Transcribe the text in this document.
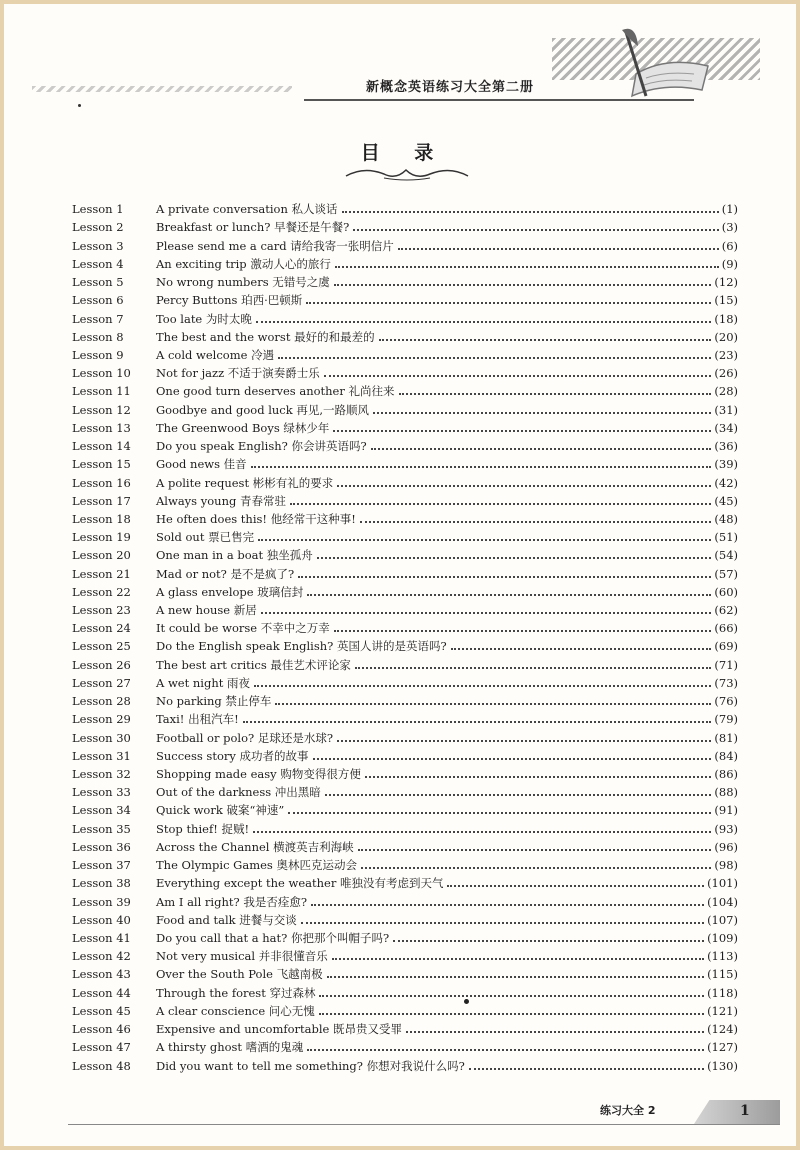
新概念英语练习大全第二册
目 录
Lesson 1	A private conversation 私人谈话	(1)
Lesson 2	Breakfast or lunch? 早餐还是午餐?	(3)
Lesson 3	Please send me a card 请给我寄一张明信片	(6)
Lesson 4	An exciting trip 激动人心的旅行	(9)
Lesson 5	No wrong numbers 无错号之虞	(12)
Lesson 6	Percy Buttons 珀西·巴顿斯	(15)
Lesson 7	Too late 为时太晚	(18)
Lesson 8	The best and the worst 最好的和最差的	(20)
Lesson 9	A cold welcome 冷遇	(23)
Lesson 10	Not for jazz 不适于演奏爵士乐	(26)
Lesson 11	One good turn deserves another 礼尚往来	(28)
Lesson 12	Goodbye and good luck 再见,一路顺风	(31)
Lesson 13	The Greenwood Boys 绿林少年	(34)
Lesson 14	Do you speak English? 你会讲英语吗?	(36)
Lesson 15	Good news 佳音	(39)
Lesson 16	A polite request 彬彬有礼的要求	(42)
Lesson 17	Always young 青春常驻	(45)
Lesson 18	He often does this! 他经常干这种事!	(48)
Lesson 19	Sold out 票已售完	(51)
Lesson 20	One man in a boat 独坐孤舟	(54)
Lesson 21	Mad or not? 是不是疯了?	(57)
Lesson 22	A glass envelope 玻璃信封	(60)
Lesson 23	A new house 新居	(62)
Lesson 24	It could be worse 不幸中之万幸	(66)
Lesson 25	Do the English speak English? 英国人讲的是英语吗?	(69)
Lesson 26	The best art critics 最佳艺术评论家	(71)
Lesson 27	A wet night 雨夜	(73)
Lesson 28	No parking 禁止停车	(76)
Lesson 29	Taxi! 出租汽车!	(79)
Lesson 30	Football or polo? 足球还是水球?	(81)
Lesson 31	Success story 成功者的故事	(84)
Lesson 32	Shopping made easy 购物变得很方便	(86)
Lesson 33	Out of the darkness 冲出黑暗	(88)
Lesson 34	Quick work 破案“神速”	(91)
Lesson 35	Stop thief! 捉贼!	(93)
Lesson 36	Across the Channel 横渡英吉利海峡	(96)
Lesson 37	The Olympic Games 奥林匹克运动会	(98)
Lesson 38	Everything except the weather 唯独没有考虑到天气	(101)
Lesson 39	Am I all right? 我是否痊愈?	(104)
Lesson 40	Food and talk 进餐与交谈	(107)
Lesson 41	Do you call that a hat? 你把那个叫帽子吗?	(109)
Lesson 42	Not very musical 并非很懂音乐	(113)
Lesson 43	Over the South Pole 飞越南极	(115)
Lesson 44	Through the forest 穿过森林	(118)
Lesson 45	A clear conscience 问心无愧	(121)
Lesson 46	Expensive and uncomfortable 既昂贵又受罪	(124)
Lesson 47	A thirsty ghost 嗜酒的鬼魂	(127)
Lesson 48	Did you want to tell me something? 你想对我说什么吗?	(130)
练习大全 2	1
